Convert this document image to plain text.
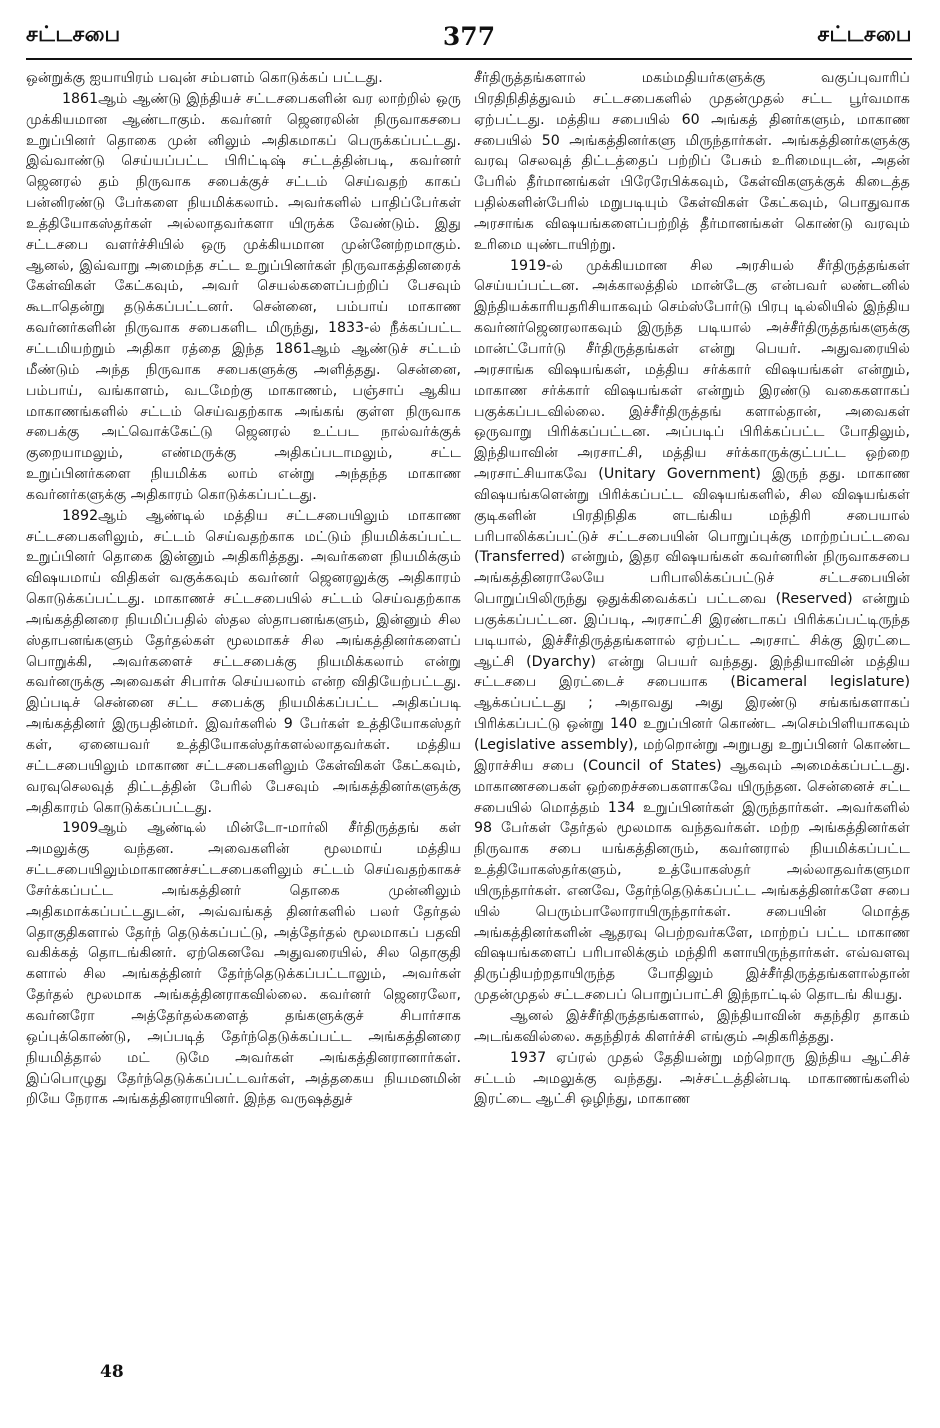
சட்டசபை	377	சட்டசபை

ஒன்றுக்கு ஐயாயிரம் பவுன் சம்பளம் கொடுக்கப் பட்டது.

1861ஆம் ஆண்டு இந்தியச் சட்டசபைகளின் வர லாற்றில் ஒரு முக்கியமான ஆண்டாகும். கவர்னர் ஜெனரலின் நிருவாகசபை உறுப்பினர் தொகை முன் னிலும் அதிகமாகப் பெருக்கப்பட்டது. இவ்வாண்டு செய்யப்பட்ட பிரிட்டிஷ் சட்டத்தின்படி, கவர்னர் ஜெனரல் தம் நிருவாக சபைக்குச் சட்டம் செய்வதற் காகப் பன்னிரண்டு பேர்களை நியமிக்கலாம். அவர்களில் பாதிப்பேர்கள் உத்தியோகஸ்தர்கள் அல்லாதவர்களா யிருக்க வேண்டும். இது சட்டசபை வளர்ச்சியில் ஒரு முக்கியமான முன்னேற்றமாகும். ஆனல், இவ்வாறு அமைந்த சட்ட உறுப்பினர்கள் நிருவாகத்தினரைக் கேள்விகள் கேட்கவும், அவர் செயல்களைப்பற்றிப் பேசவும் கூடாதென்று தடுக்கப்பட்டனர். சென்னை, பம்பாய் மாகாண கவர்னர்களின் நிருவாக சபைகளிட மிருந்து, 1833-ல் நீக்கப்பட்ட சட்டமியற்றும் அதிகா ரத்தை இந்த 1861ஆம் ஆண்டுச் சட்டம் மீண்டும் அந்த நிருவாக சபைகளுக்கு அளித்தது. சென்னை, பம்பாய், வங்காளம், வடமேற்கு மாகாணம், பஞ்சாப் ஆகிய மாகாணங்களில் சட்டம் செய்வதற்காக அங்கங் குள்ள நிருவாக சபைக்கு அட்வொக்கேட்டு ஜெனரல் உட்பட நால்வர்க்குக் குறையாமலும், எண்மருக்கு அதிகப்படாமலும், சட்ட உறுப்பினர்களை நியமிக்க லாம் என்று அந்தந்த மாகாண கவர்னர்களுக்கு அதிகாரம் கொடுக்கப்பட்டது.

1892ஆம் ஆண்டில் மத்திய சட்டசபையிலும் மாகாண சட்டசபைகளிலும், சட்டம் செய்வதற்காக மட்டும் நியமிக்கப்பட்ட உறுப்பினர் தொகை இன்னும் அதிகரித்தது. அவர்களை நியமிக்கும் விஷயமாய் விதிகள் வகுக்கவும் கவர்னர் ஜெனரலுக்கு அதிகாரம் கொடுக்கப்பட்டது. மாகாணச் சட்டசபையில் சட்டம் செய்வதற்காக அங்கத்தினரை நியமிப்பதில் ஸ்தல ஸ்தாபனங்களும், இன்னும் சில ஸ்தாபனங்களும் தேர்தல்கள் மூலமாகச் சில அங்கத்தினர்களைப் பொறுக்கி, அவர்களைச் சட்டசபைக்கு நியமிக்கலாம் என்று கவர்னருக்கு அவைகள் சிபார்சு செய்யலாம் என்ற விதியேற்பட்டது. இப்படிச் சென்னை சட்ட சபைக்கு நியமிக்கப்பட்ட அதிகப்படி அங்கத்தினர் இருபதின்மர். இவர்களில் 9 பேர்கள் உத்தியோகஸ்தர் கள், ஏனையவர் உத்தியோகஸ்தர்களல்லாதவர்கள். மத்திய சட்டசபையிலும் மாகாண சட்டசபைகளிலும் கேள்விகள் கேட்கவும், வரவுசெலவுத் திட்டத்தின் பேரில் பேசவும் அங்கத்தினர்களுக்கு அதிகாரம் கொடுக்கப்பட்டது.

1909ஆம் ஆண்டில் மின்டோ-மார்லி சீர்திருத்தங் கள் அமலுக்கு வந்தன. அவைகளின் மூலமாய் மத்திய சட்டசபையிலும்மாகாணச்சட்டசபைகளிலும் சட்டம் செய்வதற்காகச் சேர்க்கப்பட்ட அங்கத்தினர் தொகை முன்னிலும் அதிகமாக்கப்பட்டதுடன், அவ்வங்கத் தினர்களில் பலர் தேர்தல் தொகுதிகளால் தேர்ந் தெடுக்கப்பட்டு, அத்தேர்தல் மூலமாகப் பதவி வகிக்கத் தொடங்கினர். ஏற்கெனவே அதுவரையில், சில தொகுதி களால் சில அங்கத்தினர் தேர்ந்தெடுக்கப்பட்டாலும், அவர்கள் தேர்தல் மூலமாக அங்கத்தினராகவில்லை. கவர்னர் ஜெனரலோ, கவர்னரோ அத்தேர்தல்களைத் தங்களுக்குச் சிபார்சாக ஒப்புக்கொண்டு, அப்படித் தேர்ந்தெடுக்கப்பட்ட அங்கத்தினரை நியமித்தால் மட் டுமே அவர்கள் அங்கத்தினரானார்கள். இப்பொழுது தேர்ந்தெடுக்கப்பட்டவர்கள், அத்தகைய நியமனமின் றியே நேராக அங்கத்தினராயினர். இந்த வருஷத்துச்

சீர்திருத்தங்களால் மகம்மதியர்களுக்கு வகுப்புவாரிப் பிரதிநிதித்துவம் சட்டசபைகளில் முதன்முதல் சட்ட பூர்வமாக ஏற்பட்டது. மத்திய சபையில் 60 அங்கத் தினர்களும், மாகாண சபையில் 50 அங்கத்தினர்களு மிருந்தார்கள். அங்கத்தினர்களுக்கு வரவு செலவுத் திட்டத்தைப் பற்றிப் பேசும் உரிமையுடன், அதன் பேரில் தீர்மானங்கள் பிரேரேபிக்கவும், கேள்விகளுக்குக் கிடைத்த பதில்களின்பேரில் மறுபடியும் கேள்விகள் கேட்கவும், பொதுவாக அரசாங்க விஷயங்களைப்பற்றித் தீர்மானங்கள் கொண்டு வரவும் உரிமை யுண்டாயிற்று.

1919-ல் முக்கியமான சில அரசியல் சீர்திருத்தங்கள் செய்யப்பட்டன. அக்காலத்தில் மான்டேகு என்பவர் லண்டனில் இந்தியக்காரியதரிசியாகவும் செம்ஸ்போர்டு பிரபு டில்லியில் இந்திய கவர்னர்ஜெனரலாகவும் இருந்த படியால் அச்சீர்திருத்தங்களுக்கு மான்ட்போர்டு சீர்திருத்தங்கள் என்று பெயர். அதுவரையில் அரசாங்க விஷயங்கள், மத்திய சர்க்கார் விஷயங்கள் என்றும், மாகாண சர்க்கார் விஷயங்கள் என்றும் இரண்டு வகைகளாகப் பகுக்கப்படவில்லை. இச்சீர்திருத்தங் களால்தான், அவைகள் ஒருவாறு பிரிக்கப்பட்டன. அப்படிப் பிரிக்கப்பட்ட போதிலும், இந்தியாவின் அரசாட்சி, மத்திய சர்க்காருக்குட்பட்ட ஒற்றை அரசாட்சியாகவே (Unitary Government) இருந் தது. மாகாண விஷயங்களென்று பிரிக்கப்பட்ட விஷயங்களில், சில விஷயங்கள் குடிகளின் பிரதிநிதிக ளடங்கிய மந்திரி சபையால் பரிபாலிக்கப்பட்டுச் சட்டசபையின் பொறுப்புக்கு மாற்றப்பட்டவை (Transferred) என்றும், இதர விஷயங்கள் கவர்னரின் நிருவாகசபை அங்கத்தினராலேயே பரிபாலிக்கப்பட்டுச் சட்டசபையின் பொறுப்பிலிருந்து ஒதுக்கிவைக்கப் பட்டவை (Reserved) என்றும் பகுக்கப்பட்டன. இப்படி, அரசாட்சி இரண்டாகப் பிரிக்கப்பட்டிருந்த படியால், இச்சீர்திருத்தங்களால் ஏற்பட்ட அரசாட் சிக்கு இரட்டை ஆட்சி (Dyarchy) என்று பெயர் வந்தது. இந்தியாவின் மத்திய சட்டசபை இரட்டைச் சபையாக (Bicameral legislature) ஆக்கப்பட்டது ; அதாவது அது இரண்டு சங்கங்களாகப் பிரிக்கப்பட்டு ஒன்று 140 உறுப்பினர் கொண்ட அசெம்பிளியாகவும் (Legislative assembly), மற்றொன்று அறுபது உறுப்பினர் கொண்ட இராச்சிய சபை (Council of States) ஆகவும் அமைக்கப்பட்டது. மாகாணசபைகள் ஒற்றைச்சபைகளாகவே யிருந்தன. சென்னைச் சட்ட சபையில் மொத்தம் 134 உறுப்பினர்கள் இருந்தார்கள். அவர்களில் 98 பேர்கள் தேர்தல் மூலமாக வந்தவர்கள். மற்ற அங்கத்தினர்கள் நிருவாக சபை யங்கத்தினரும், கவர்னரால் நியமிக்கப்பட்ட உத்தியோகஸ்தர்களும், உத்யோகஸ்தர் அல்லாதவர்களுமா யிருந்தார்கள். எனவே, தேர்ந்தெடுக்கப்பட்ட அங்கத்தினர்களே சபை யில் பெரும்பாலோராயிருந்தார்கள். சபையின் மொத்த அங்கத்தினர்களின் ஆதரவு பெற்றவர்களே, மாற்றப் பட்ட மாகாண விஷயங்களைப் பரிபாலிக்கும் மந்திரி களாயிருந்தார்கள். எவ்வளவு திருப்தியற்றதாயிருந்த போதிலும் இச்சீர்திருத்தங்களால்தான் முதன்முதல் சட்டசபைப் பொறுப்பாட்சி இந்நாட்டில் தொடங் கியது.

ஆனல் இச்சீர்திருத்தங்களால், இந்தியாவின் சுதந்திர தாகம் அடங்கவில்லை. சுதந்திரக் கிளர்ச்சி எங்கும் அதிகரித்தது.

1937 ஏப்ரல் முதல் தேதியன்று மற்றொரு இந்திய ஆட்சிச் சட்டம் அமலுக்கு வந்தது. அச்சட்டத்தின்படி மாகாணங்களில் இரட்டை ஆட்சி ஒழிந்து, மாகாண

48
